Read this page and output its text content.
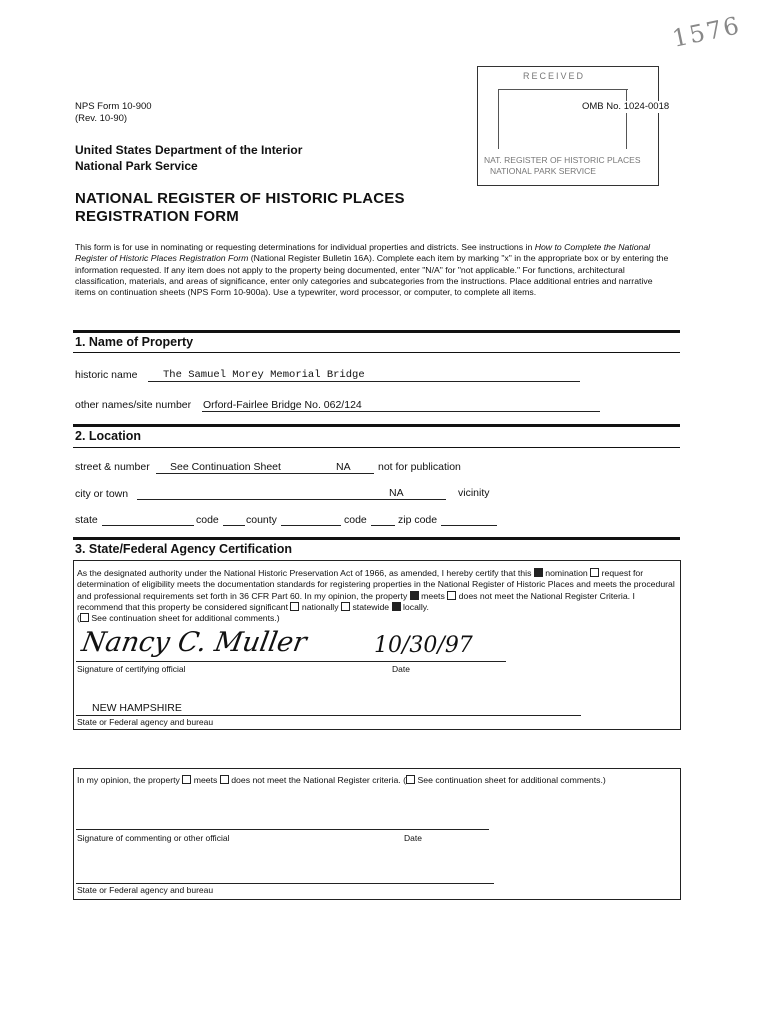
1576
NPS Form 10-900
(Rev. 10-90)
United States Department of the Interior
National Park Service
RECEIVED
NAT. REGISTER OF HISTORIC PLACES
NATIONAL PARK SERVICE
OMB No. 1024-0018
NATIONAL REGISTER OF HISTORIC PLACES
REGISTRATION FORM
This form is for use in nominating or requesting determinations for individual properties and districts. See instructions in How to Complete the National Register of Historic Places Registration Form (National Register Bulletin 16A). Complete each item by marking "x" in the appropriate box or by entering the information requested. If any item does not apply to the property being documented, enter "N/A" for "not applicable." For functions, architectural classification, materials, and areas of significance, enter only categories and subcategories from the instructions. Place additional entries and narrative items on continuation sheets (NPS Form 10-900a). Use a typewriter, word processor, or computer, to complete all items.
1. Name of Property
historic name The Samuel Morey Memorial Bridge
other names/site number Orford-Fairlee Bridge No. 062/124
2. Location
street & number See Continuation Sheet	NA	not for publication
city or town	NA	vicinity
state	code	county	code	zip code
3. State/Federal Agency Certification
As the designated authority under the National Historic Preservation Act of 1966, as amended, I hereby certify that this nomination request for determination of eligibility meets the documentation standards for registering properties in the National Register of Historic Places and meets the procedural and professional requirements set forth in 36 CFR Part 60. In my opinion, the property meets does not meet the National Register Criteria. I recommend that this property be considered significant nationally statewide locally.
( See continuation sheet for additional comments.)
Nancy C. Muller
Signature of certifying official
10/30/97
Date
NEW HAMPSHIRE
State or Federal agency and bureau
In my opinion, the property meets does not meet the National Register criteria. ( See continuation sheet for additional comments.)
Signature of commenting or other official	Date
State or Federal agency and bureau
